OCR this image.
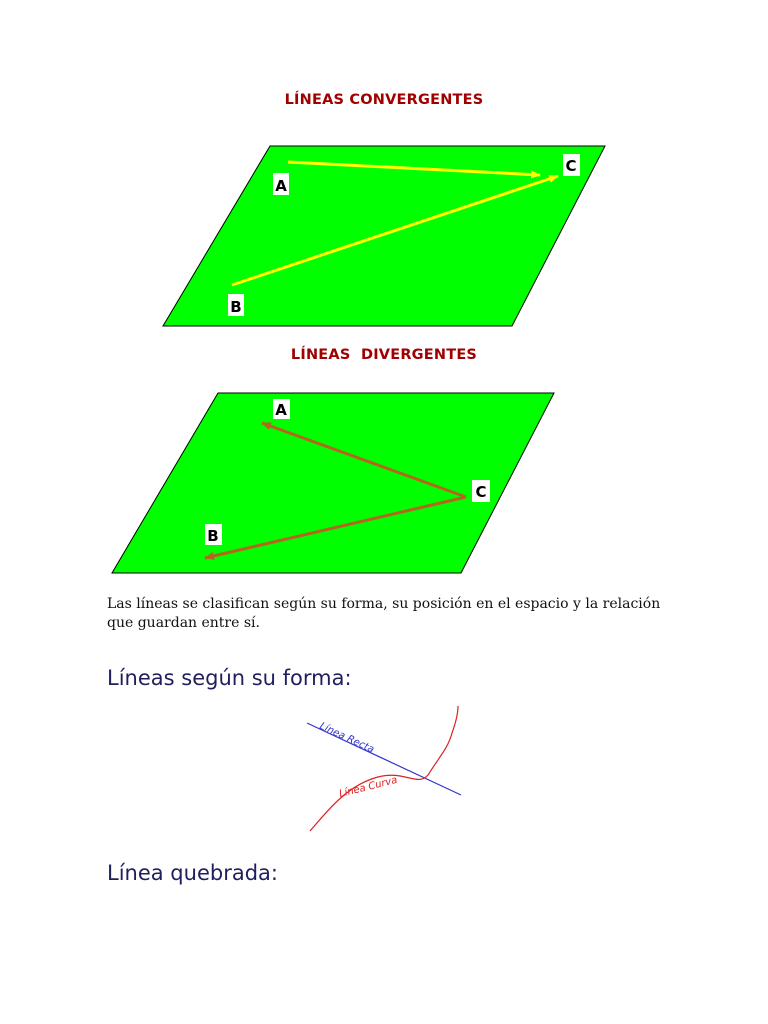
LÍNEAS CONVERGENTES
A
B
C
A
B
C
Línea Recta
Línea Curva
LÍNEAS  DIVERGENTES

Las líneas se clasifican según su forma, su posición en el espacio y la relación que guardan entre sí.

Líneas según su forma:
Línea quebrada:
